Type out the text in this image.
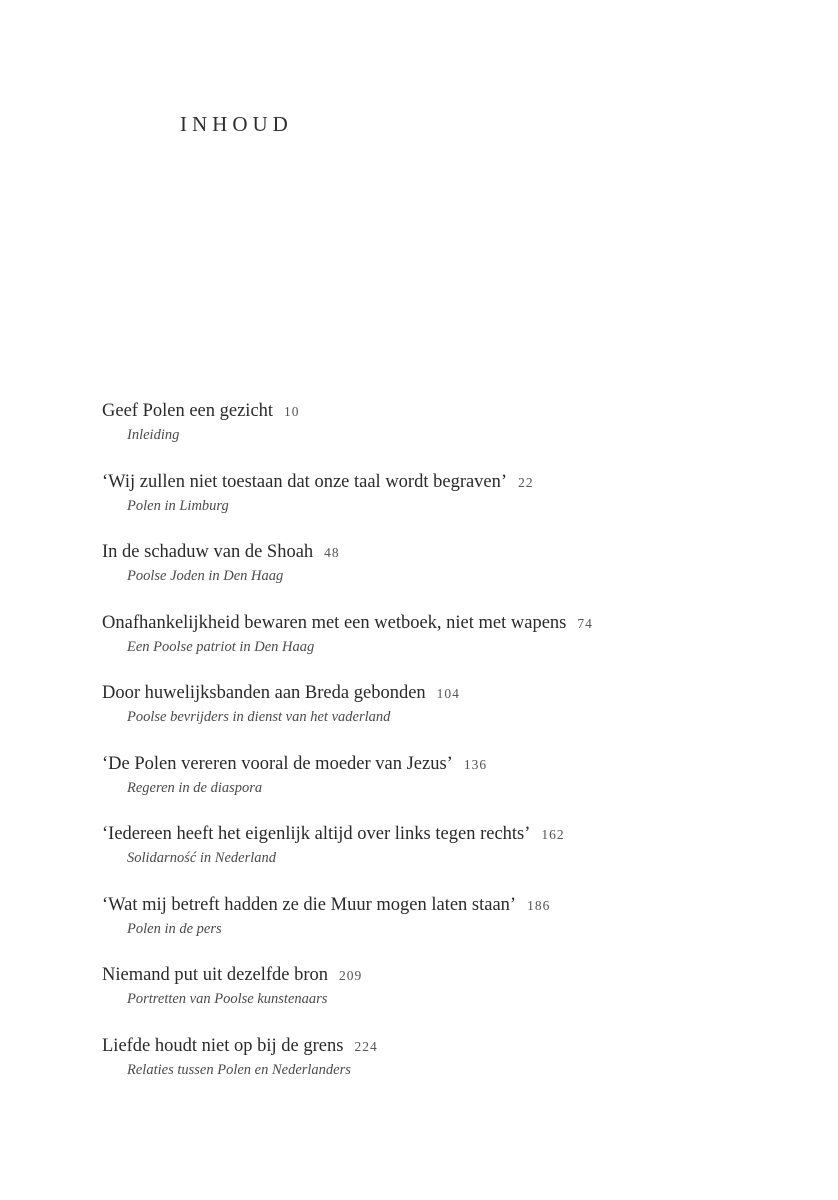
INHOUD
Geef Polen een gezicht 10
Inleiding
‘Wij zullen niet toestaan dat onze taal wordt begraven’ 22
Polen in Limburg
In de schaduw van de Shoah 48
Poolse Joden in Den Haag
Onafhankelijkheid bewaren met een wetboek, niet met wapens 74
Een Poolse patriot in Den Haag
Door huwelijksbanden aan Breda gebonden 104
Poolse bevrijders in dienst van het vaderland
‘De Polen vereren vooral de moeder van Jezus’ 136
Regeren in de diaspora
‘Iedereen heeft het eigenlijk altijd over links tegen rechts’ 162
Solidarność in Nederland
‘Wat mij betreft hadden ze die Muur mogen laten staan’ 186
Polen in de pers
Niemand put uit dezelfde bron 209
Portretten van Poolse kunstenaars
Liefde houdt niet op bij de grens 224
Relaties tussen Polen en Nederlanders
